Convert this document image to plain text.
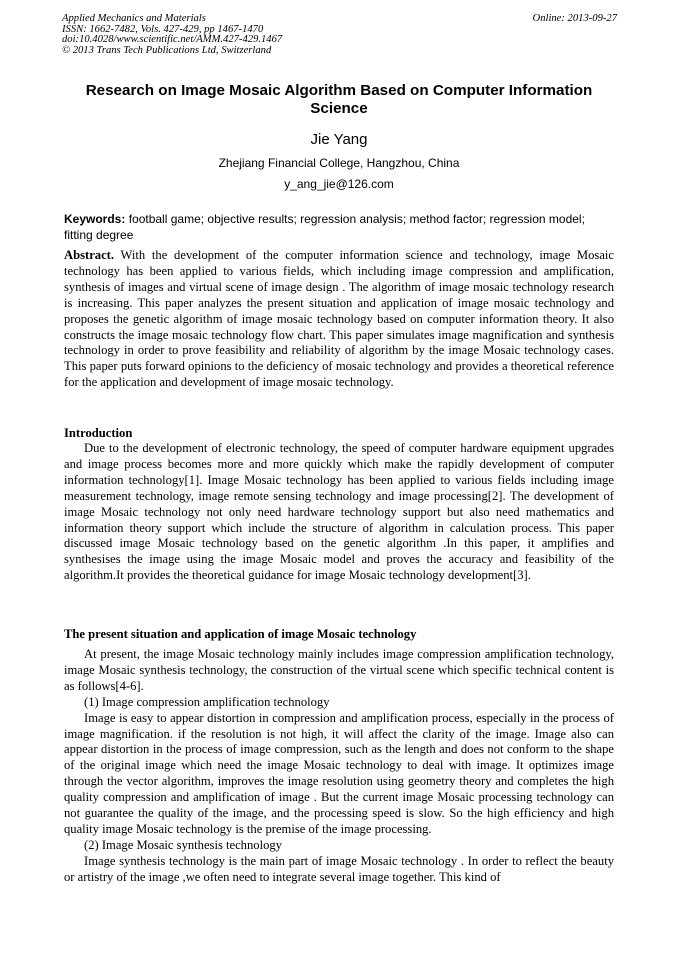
Applied Mechanics and Materials
ISSN: 1662-7482, Vols. 427-429, pp 1467-1470
doi:10.4028/www.scientific.net/AMM.427-429.1467
© 2013 Trans Tech Publications Ltd, Switzerland
Online: 2013-09-27
Research on Image Mosaic Algorithm Based on Computer Information Science
Jie Yang
Zhejiang Financial College, Hangzhou, China
y_ang_jie@126.com
Keywords: football game; objective results; regression analysis; method factor; regression model; fitting degree
Abstract. With the development of the computer information science and technology, image Mosaic technology has been applied to various fields, which including image compression and amplification, synthesis of images and virtual scene of image design . The algorithm of image mosaic technology research is increasing. This paper analyzes the present situation and application of image mosaic technology and proposes the genetic algorithm of image mosaic technology based on computer information theory. It also constructs the image mosaic technology flow chart. This paper simulates image magnification and synthesis technology in order to prove feasibility and reliability of algorithm by the image Mosaic technology cases. This paper puts forward opinions to the deficiency of mosaic technology and provides a theoretical reference for the application and development of image mosaic technology.
Introduction

Due to the development of electronic technology, the speed of computer hardware equipment upgrades and image process becomes more and more quickly which make the rapidly development of computer information technology[1]. Image Mosaic technology has been applied to various fields including image measurement technology, image remote sensing technology and image processing[2]. The development of image Mosaic technology not only need hardware technology support but also need mathematics and information theory support which include the structure of algorithm in calculation process. This paper discussed image Mosaic technology based on the genetic algorithm .In this paper, it amplifies and synthesises the image using the image Mosaic model and proves the accuracy and feasibility of the algorithm.It provides the theoretical guidance for image Mosaic technology development[3].

The present situation and application of image Mosaic technology

At present, the image Mosaic technology mainly includes image compression amplification technology, image Mosaic synthesis technology, the construction of the virtual scene which specific technical content is as follows[4-6].

(1) Image compression amplification technology

Image is easy to appear distortion in compression and amplification process, especially in the process of image magnification. if the resolution is not high, it will affect the clarity of the image. Image also can appear distortion in the process of image compression, such as the length and does not conform to the shape of the original image which need the image Mosaic technology to deal with image. It optimizes image through the vector algorithm, improves the image resolution using geometry theory and completes the high quality compression and amplification of image . But the current image Mosaic processing technology can not guarantee the quality of the image, and the processing speed is slow. So the high efficiency and high quality image Mosaic technology is the premise of the image processing.

(2) Image Mosaic synthesis technology

Image synthesis technology is the main part of image Mosaic technology . In order to reflect the beauty or artistry of the image ,we often need to integrate several image together. This kind of
